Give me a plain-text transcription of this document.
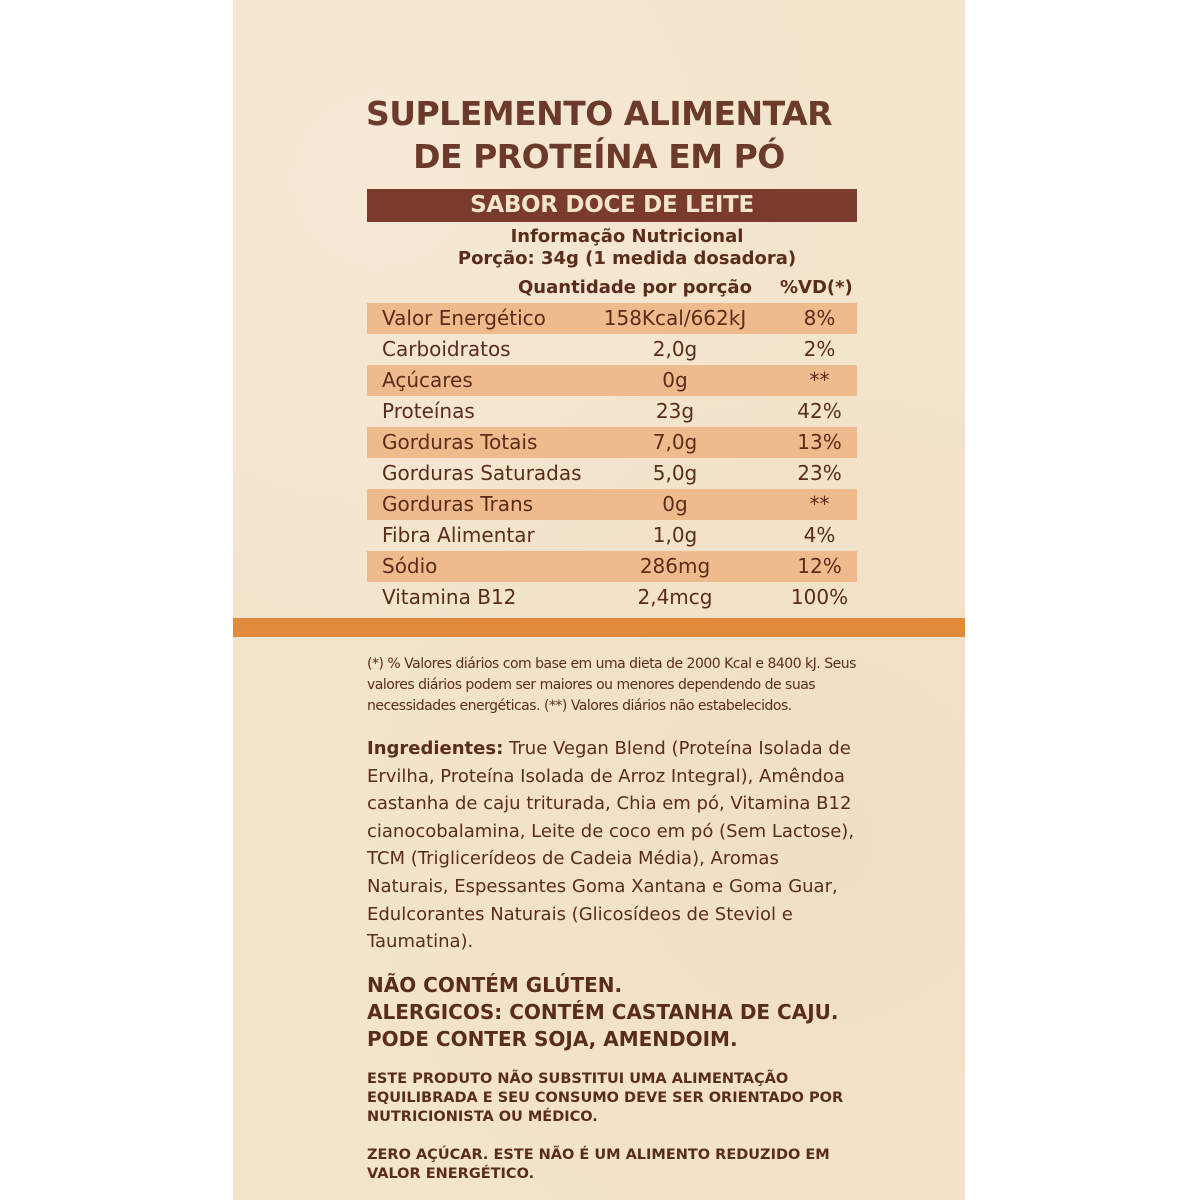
SUPLEMENTO ALIMENTAR
DE PROTEÍNA EM PÓ
SABOR DOCE DE LEITE
Informação Nutricional
Porção: 34g (1 medida dosadora)
Quantidade por porção %VD(*)
Valor Energético	158Kcal/662kJ	8%
Carboidratos	2,0g	2%
Açúcares	0g	**
Proteínas	23g	42%
Gorduras Totais	7,0g	13%
Gorduras Saturadas	5,0g	23%
Gorduras Trans	0g	**
Fibra Alimentar	1,0g	4%
Sódio	286mg	12%
Vitamina B12	2,4mcg	100%
(*) % Valores diários com base em uma dieta de 2000 Kcal e 8400 kJ. Seus valores diários podem ser maiores ou menores dependendo de suas necessidades energéticas. (**) Valores diários não estabelecidos.
Ingredientes: True Vegan Blend (Proteína Isolada de Ervilha, Proteína Isolada de Arroz Integral), Amêndoa castanha de caju triturada, Chia em pó, Vitamina B12 cianocobalamina, Leite de coco em pó (Sem Lactose), TCM (Triglicerídeos de Cadeia Média), Aromas Naturais, Espessantes Goma Xantana e Goma Guar, Edulcorantes Naturais (Glicosídeos de Steviol e Taumatina).
NÃO CONTÉM GLÚTEN.
ALERGICOS: CONTÉM CASTANHA DE CAJU.
PODE CONTER SOJA, AMENDOIM.
ESTE PRODUTO NÃO SUBSTITUI UMA ALIMENTAÇÃO EQUILIBRADA E SEU CONSUMO DEVE SER ORIENTADO POR NUTRICIONISTA OU MÉDICO.
ZERO AÇÚCAR. ESTE NÃO É UM ALIMENTO REDUZIDO EM VALOR ENERGÉTICO.
